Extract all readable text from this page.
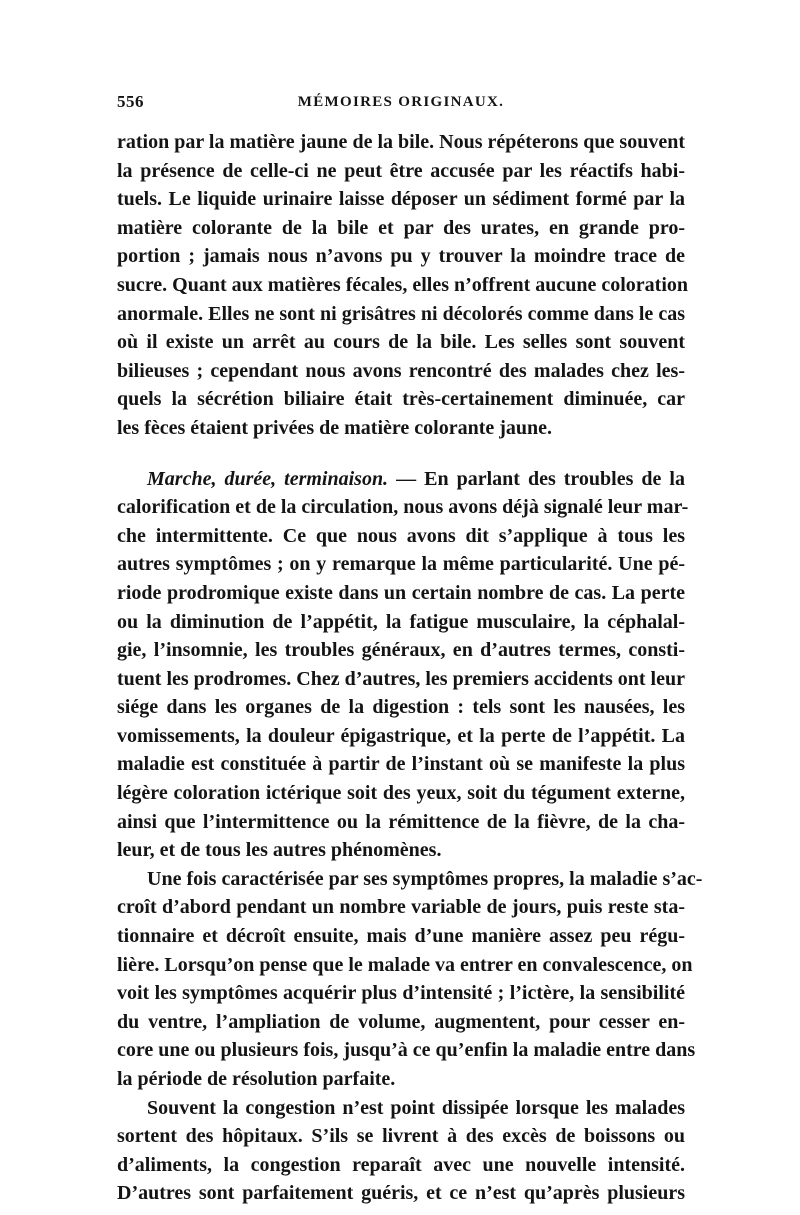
556	MÉMOIRES ORIGINAUX.
ration par la matière jaune de la bile. Nous répéterons que souvent
la présence de celle-ci ne peut être accusée par les réactifs habi-
tuels. Le liquide urinaire laisse déposer un sédiment formé par la
matière colorante de la bile et par des urates, en grande pro-
portion ; jamais nous n’avons pu y trouver la moindre trace de
sucre. Quant aux matières fécales, elles n’offrent aucune coloration
anormale. Elles ne sont ni grisâtres ni décolorés comme dans le cas
où il existe un arrêt au cours de la bile. Les selles sont souvent
bilieuses ; cependant nous avons rencontré des malades chez les-
quels la sécrétion biliaire était très-certainement diminuée, car
les fèces étaient privées de matière colorante jaune.
Marche, durée, terminaison. — En parlant des troubles de la
calorification et de la circulation, nous avons déjà signalé leur mar-
che intermittente. Ce que nous avons dit s’applique à tous les
autres symptômes ; on y remarque la même particularité. Une pé-
riode prodromique existe dans un certain nombre de cas. La perte
ou la diminution de l’appétit, la fatigue musculaire, la céphalal-
gie, l’insomnie, les troubles généraux, en d’autres termes, consti-
tuent les prodromes. Chez d’autres, les premiers accidents ont leur
siége dans les organes de la digestion : tels sont les nausées, les
vomissements, la douleur épigastrique, et la perte de l’appétit. La
maladie est constituée à partir de l’instant où se manifeste la plus
légère coloration ictérique soit des yeux, soit du tégument externe,
ainsi que l’intermittence ou la rémittence de la fièvre, de la cha-
leur, et de tous les autres phénomènes.
Une fois caractérisée par ses symptômes propres, la maladie s’ac-
croît d’abord pendant un nombre variable de jours, puis reste sta-
tionnaire et décroît ensuite, mais d’une manière assez peu régu-
lière. Lorsqu’on pense que le malade va entrer en convalescence, on
voit les symptômes acquérir plus d’intensité ; l’ictère, la sensibilité
du ventre, l’ampliation de volume, augmentent, pour cesser en-
core une ou plusieurs fois, jusqu’à ce qu’enfin la maladie entre dans
la période de résolution parfaite.
Souvent la congestion n’est point dissipée lorsque les malades
sortent des hôpitaux. S’ils se livrent à des excès de boissons ou
d’aliments, la congestion reparaît avec une nouvelle intensité.
D’autres sont parfaitement guéris, et ce n’est qu’après plusieurs
